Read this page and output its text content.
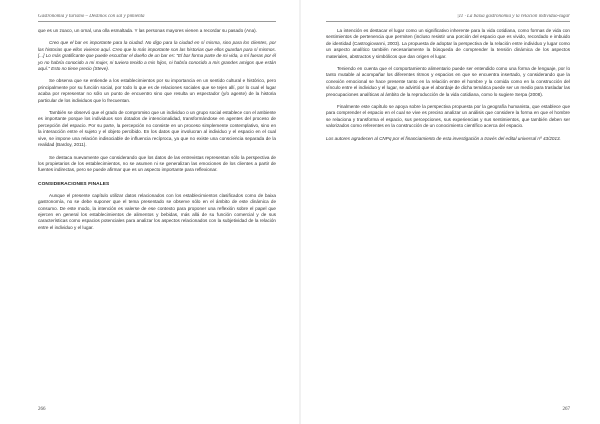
Gastronomía y turismo – Destinos con sal y pimienta

que es un zoaco, un ornal, una olla esmaltada. Y las personas mayores vienen a recordar su pasado (Ana).

Creo que el bar es importante para la ciudad. No digo para la ciudad en sí misma, sino para los clientes, por las historias que ellos vivieron aquí. Creo que lo más importante son las historias que ellos guardan para sí mismos. [...] Lo más gratificante que puede escuchar el dueño de un bar es: "El bar forma parte de mi vida, a mí fueras por él yo no habría conocido a mi mujer, ni tuviera tenido a mis hijos, ni habría conocido a mis grandes amigos que están aquí." Esto no tiene precio (Steve).

Se observa que se entiende a los establecimientos por su importancia en un sentido cultural e histórico, pero principalmente por su función social, por todo lo que es de relaciones sociales que se tejen allí, por lo cual el lugar acaba por representar no sólo un punto de encuentro sino que resulta un espectador (y/o agente) de la historia particular de los individuos que lo frecuentan.

También se observó que el grado de compromiso que un individuo o un grupo social establece con el ambiente es importante porque los individuos son dotados de intencionalidad, transformándose en agentes del proceso de percepción del espacio. Por su parte, la percepción no consiste en un proceso simplemente contemplativo, sino en la interacción entre el sujeto y el objeto percibido. En los datos que involucran al individuo y el espacio en el cual vive, se impone una relación indisociable de influencia recíproca, ya que no existe una consciencia separada de la realidad (Bardoy, 2011).

Se destaca nuevamente que considerando que los datos de las entrevistas representan sólo la perspectiva de los propietarios de los establecimientos, no se asumen ni se generalizan las emociones de los clientes a partir de fuentes indirectas, pero se puede afirmar que es un aspecto importante para reflexionar.

CONSIDERACIONES FINALES

Aunque el presente capítulo utilizar datos relacionados con los establecimientos clasificados como de baixa gastronomía, no se debe suponer que el tema presentado se observe sólo en el ámbito de este dinámica de consumo. De este modo, la intención es valerse de ese contexto para proponer una reflexión sobre el papel que ejercen en general los establecimientos de alimentos y bebidas, más allá de su función comercial y de sus características como espacios potenciales para analizar los aspectos relacionados con la subjetividad de la relación entre el individuo y el lugar.

266
|11 · La baixa gastronomia y la relación individuo-lugar

La intención es destacar el lugar como un significativo inherente para la vida cotidiana, como formas de vida con sentimientos de pertenencia que permiten (incluso resistir una porción del espacio que es vivido, recordado e imbuido de identidad (Castrogiovanni, 2003). La propuesta de adoptar la perspectiva de la relación entre individuo y lugar como un aspecto analítico también necesariamente la búsqueda de comprender la tensión dinámica de los aspectos materiales, abstractos y simbólicos que dan origen el lugar.

Teniendo en cuenta que el comportamiento alimentario puede ser entendido como una forma de lenguaje, por lo tanto mutable al acompañar los diferentes ritmos y espacios en que se encuentra insertado, y considerando que la conexión emocional se hace presente tanto en la relación entre el hombre y la comida como en la construcción del vínculo entre el individuo y el lugar, se advirtió que el abordaje de dicha temática puede ser un medio para trasladar las preocupaciones analíticas al ámbito de la reproducción de la vida cotidiana, como lo sugiere Serpa (2008).

Finalmente este capítulo se apoya sobre la perspectiva propuesta por la geografía humanista, que establece que para comprender el espacio en el cual se vive es preciso analizar un análisis que considere la forma en que el hombre se relaciona y transforma el espacio, sus percepciones, sus experiencias y sus sentimientos, que también deben ser valorizados como referentes en la construcción de un conocimiento científico acerca del espacio.

Los autores agradecen al CNPq por el financiamiento de esta investigación a través del edital universal nº 43/2013.

267
